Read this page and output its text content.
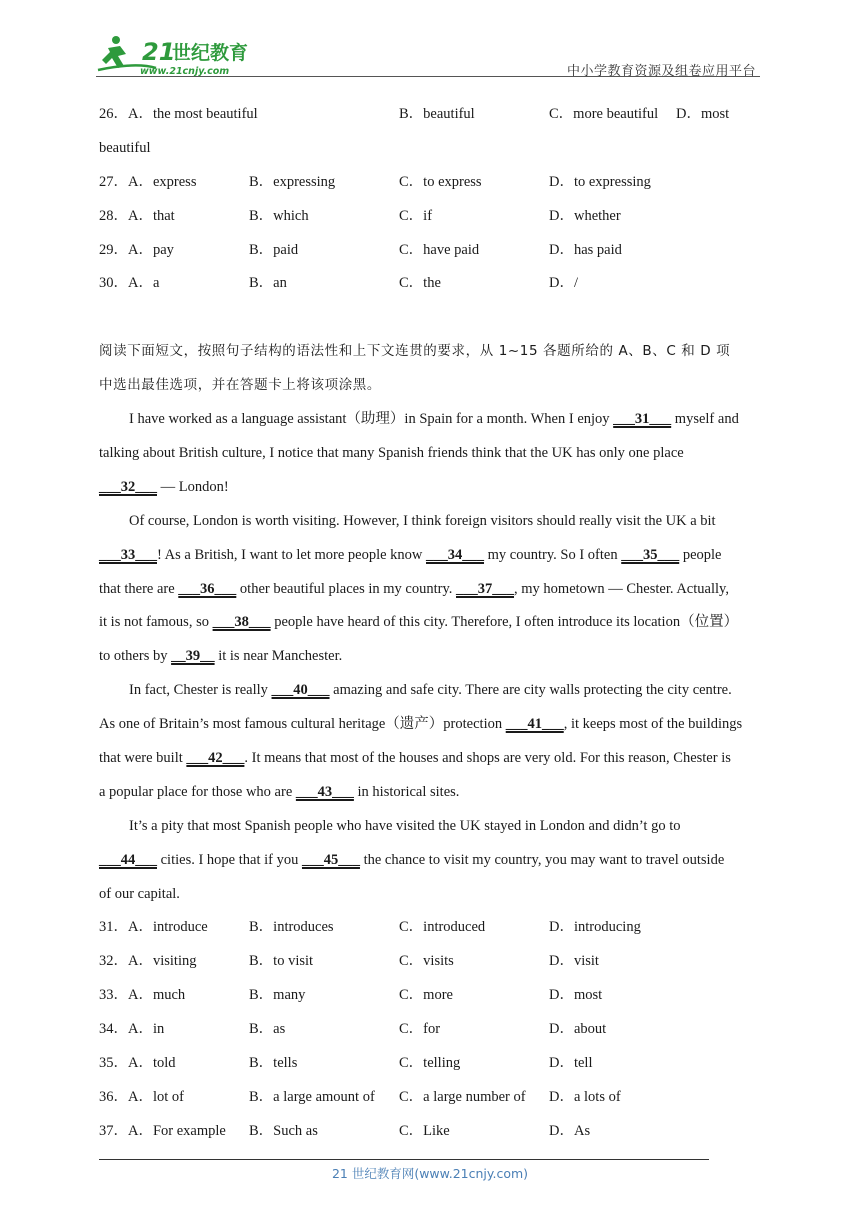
21
世纪教育
www.21cnjy.com	中小学教育资源及组卷应用平台
26．A．the most beautiful	B．beautiful	C．more beautiful D．most
beautiful
27．A．express	B．expressing	C．to express	D．to expressing
28．A．that	B．which	C．if	D．whether
29．A．pay	B．paid	C．have paid	D．has paid
30．A．a	B．an	C．the	D．/
阅读下面短文，按照句子结构的语法性和上下文连贯的要求，从 1~15 各题所给的 A、B、C 和 D 项
中选出最佳选项，并在答题卡上将该项涂黑。
I have worked as a language assistant（助理）in Spain for a month. When I enjoy ___31___ myself and
talking about British culture, I notice that many Spanish friends think that the UK has only one place
___32___ — London!
Of course, London is worth visiting. However, I think foreign visitors should really visit the UK a bit
___33___! As a British, I want to let more people know ___34___ my country. So I often ___35___ people
that there are ___36___ other beautiful places in my country. ___37___, my hometown — Chester. Actually,
it is not famous, so ___38___ people have heard of this city. Therefore, I often introduce its location（位置）
to others by __39__ it is near Manchester.
In fact, Chester is really ___40___ amazing and safe city. There are city walls protecting the city centre.
As one of Britain’s most famous cultural heritage（遗产）protection ___41___, it keeps most of the buildings
that were built ___42___. It means that most of the houses and shops are very old. For this reason, Chester is
a popular place for those who are ___43___ in historical sites.
It’s a pity that most Spanish people who have visited the UK stayed in London and didn’t go to
___44___ cities. I hope that if you ___45___ the chance to visit my country, you may want to travel outside
of our capital.
31．A．introduce	B．introduces	C．introduced	D．introducing
32．A．visiting	B．to visit	C．visits	D．visit
33．A．much	B．many	C．more	D．most
34．A．in	B．as	C．for	D．about
35．A．told	B．tells	C．telling	D．tell
36．A．lot of	B．a large amount of C．a large number of D．a lots of
37．A．For example B．Such as	C．Like	D．As
21 世纪教育网(www.21cnjy.com)
